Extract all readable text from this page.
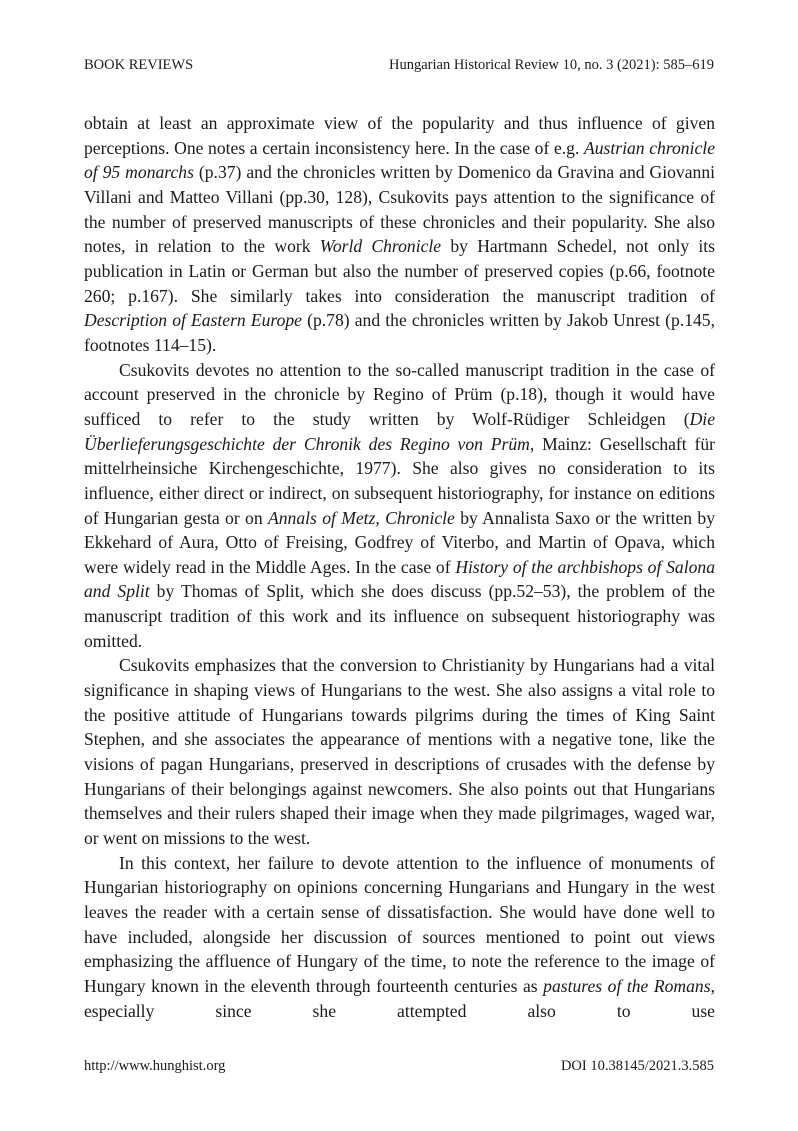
BOOK REVIEWS	Hungarian Historical Review 10, no. 3 (2021): 585–619

obtain at least an approximate view of the popularity and thus influence of given perceptions. One notes a certain inconsistency here. In the case of e.g. Austrian chronicle of 95 monarchs (p.37) and the chronicles written by Domenico da Gravina and Giovanni Villani and Matteo Villani (pp.30, 128), Csukovits pays attention to the significance of the number of preserved manuscripts of these chronicles and their popularity. She also notes, in relation to the work World Chronicle by Hartmann Schedel, not only its publication in Latin or German but also the number of preserved copies (p.66, footnote 260; p.167). She similarly takes into consideration the manuscript tradition of Description of Eastern Europe (p.78) and the chronicles written by Jakob Unrest (p.145, footnotes 114–15).

Csukovits devotes no attention to the so-called manuscript tradition in the case of account preserved in the chronicle by Regino of Prüm (p.18), though it would have sufficed to refer to the study written by Wolf-Rüdiger Schleidgen (Die Überlieferungsgeschichte der Chronik des Regino von Prüm, Mainz: Gesellschaft für mittelrheinsiche Kirchengeschichte, 1977). She also gives no consideration to its influence, either direct or indirect, on subsequent historiography, for instance on editions of Hungarian gesta or on Annals of Metz, Chronicle by Annalista Saxo or the written by Ekkehard of Aura, Otto of Freising, Godfrey of Viterbo, and Martin of Opava, which were widely read in the Middle Ages. In the case of History of the archbishops of Salona and Split by Thomas of Split, which she does discuss (pp.52–53), the problem of the manuscript tradition of this work and its influence on subsequent historiography was omitted.

Csukovits emphasizes that the conversion to Christianity by Hungarians had a vital significance in shaping views of Hungarians to the west. She also assigns a vital role to the positive attitude of Hungarians towards pilgrims during the times of King Saint Stephen, and she associates the appearance of mentions with a negative tone, like the visions of pagan Hungarians, preserved in descriptions of crusades with the defense by Hungarians of their belongings against newcomers. She also points out that Hungarians themselves and their rulers shaped their image when they made pilgrimages, waged war, or went on missions to the west.

In this context, her failure to devote attention to the influence of monuments of Hungarian historiography on opinions concerning Hungarians and Hungary in the west leaves the reader with a certain sense of dissatisfaction. She would have done well to have included, alongside her discussion of sources mentioned to point out views emphasizing the affluence of Hungary of the time, to note the reference to the image of Hungary known in the eleventh through fourteenth centuries as pastures of the Romans, especially since she attempted also to use

http://www.hunghist.org	DOI 10.38145/2021.3.585
